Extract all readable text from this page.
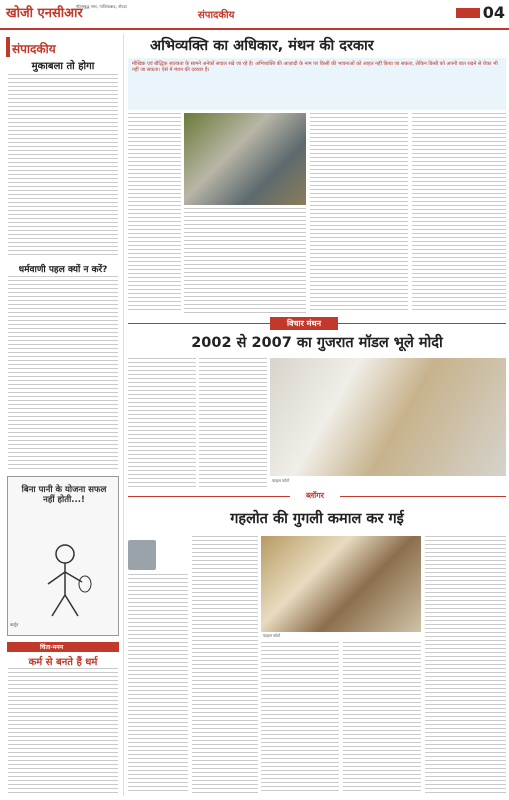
खोजी एनसीआर
गौतमबुद्ध नगर, गाजियाबाद, नोएडा
संपादकीय	04
संपादकीय
मुकाबला तो होगा
धर्मवाणी पहल क्यों न करें?
बिना पानी के योजना सफल नहीं होती...!
कार्टून
चिंता-मनन
कर्म से बनते हैं धर्म
अभिव्यक्ति का अधिकार, मंथन की दरकार
मौखिक एवं बौद्धिक स्वतंत्रता के सामने अनेकों सवाल रखे जा रहे हैं। अभिव्यक्ति की आज़ादी के नाम पर किसी की भावनाओं को आहत नहीं किया जा सकता, लेकिन किसी को अपनी बात रखने से रोका भी नहीं जा सकता। ऐसे में मंथन की दरकार है।
विचार मंथन
2002 से 2007 का गुजरात मॉडल भूले मोदी
फाइल फोटो
ब्लॉगर
गहलोत की गुगली कमाल कर गई
फाइल फोटो
